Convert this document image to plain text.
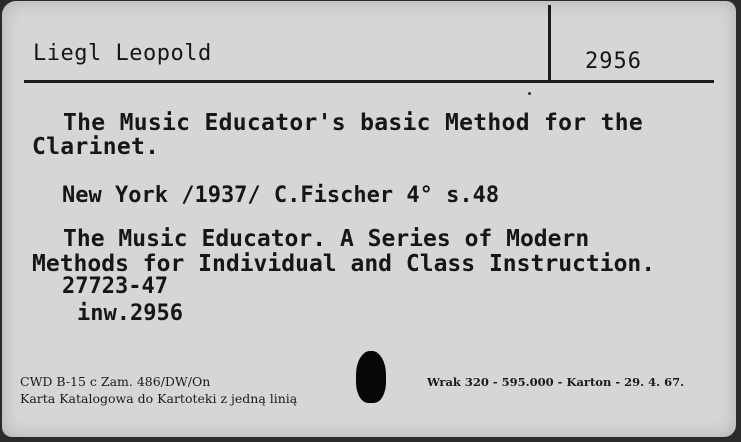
Liegl Leopold	2956
The Music Educator's basic Method for the
Clarinet.
New York /1937/ C.Fischer 4° s.48
The Music Educator. A Series of Modern
Methods for Individual and Class Instruction.
27723-47
inw.2956
CWD B-15 c Zam. 486/DW/On
Karta Katalogowa do Kartoteki z jedną linią
Wrak 320 - 595.000 - Karton - 29. 4. 67.
